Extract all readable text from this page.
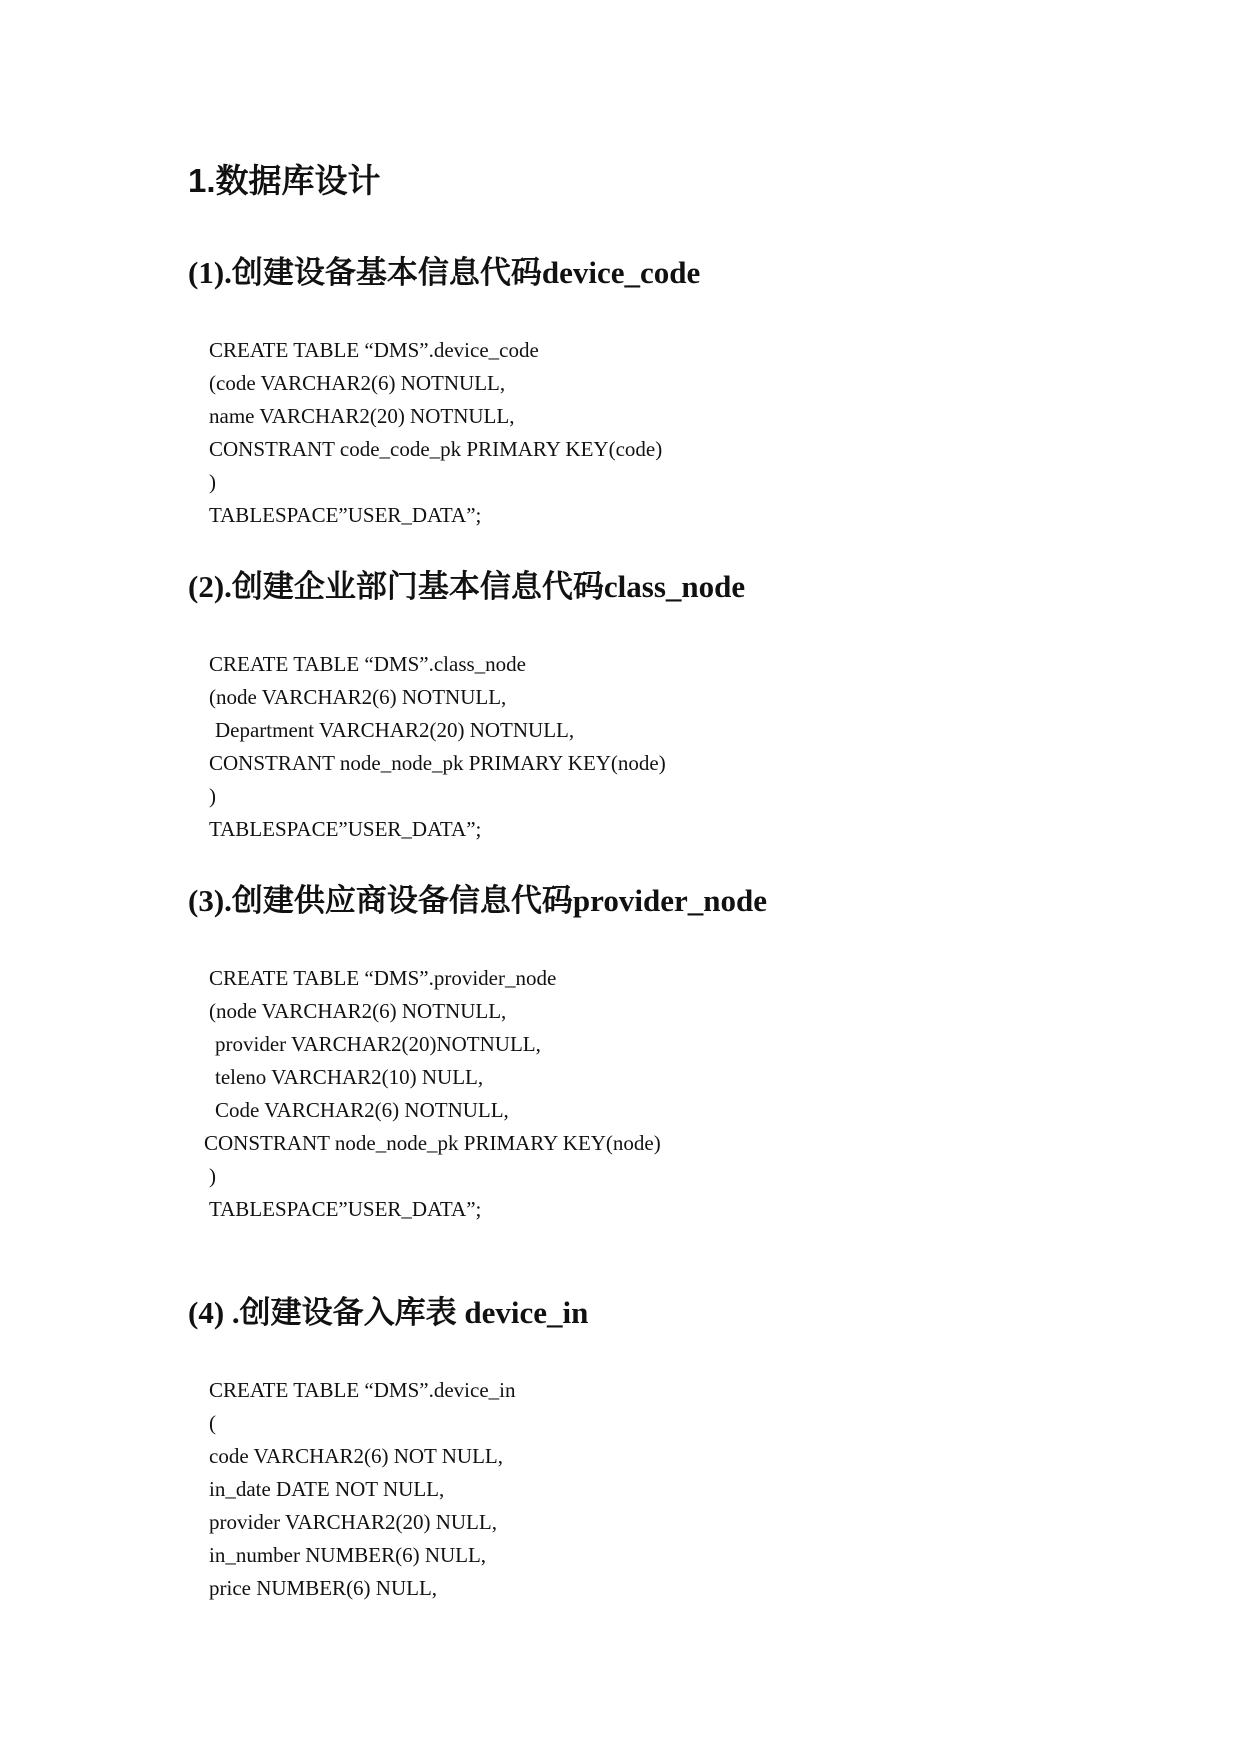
1.数据库设计
(1).创建设备基本信息代码device_code
CREATE TABLE “DMS”.device_code
(code VARCHAR2(6) NOTNULL,
name VARCHAR2(20) NOTNULL,
CONSTRANT code_code_pk PRIMARY KEY(code)
)
TABLESPACE”USER_DATA”;
(2).创建企业部门基本信息代码class_node
CREATE TABLE “DMS”.class_node
(node VARCHAR2(6) NOTNULL,
Department VARCHAR2(20) NOTNULL,
CONSTRANT node_node_pk PRIMARY KEY(node)
)
TABLESPACE”USER_DATA”;
(3).创建供应商设备信息代码provider_node
CREATE TABLE “DMS”.provider_node
(node VARCHAR2(6) NOTNULL,
provider VARCHAR2(20)NOTNULL,
teleno VARCHAR2(10) NULL,
Code VARCHAR2(6) NOTNULL,
CONSTRANT node_node_pk PRIMARY KEY(node)
)
TABLESPACE”USER_DATA”;
(4) .创建设备入库表 device_in
CREATE TABLE “DMS”.device_in
(
code VARCHAR2(6) NOT NULL,
in_date DATE NOT NULL,
provider VARCHAR2(20) NULL,
in_number NUMBER(6) NULL,
price NUMBER(6) NULL,
